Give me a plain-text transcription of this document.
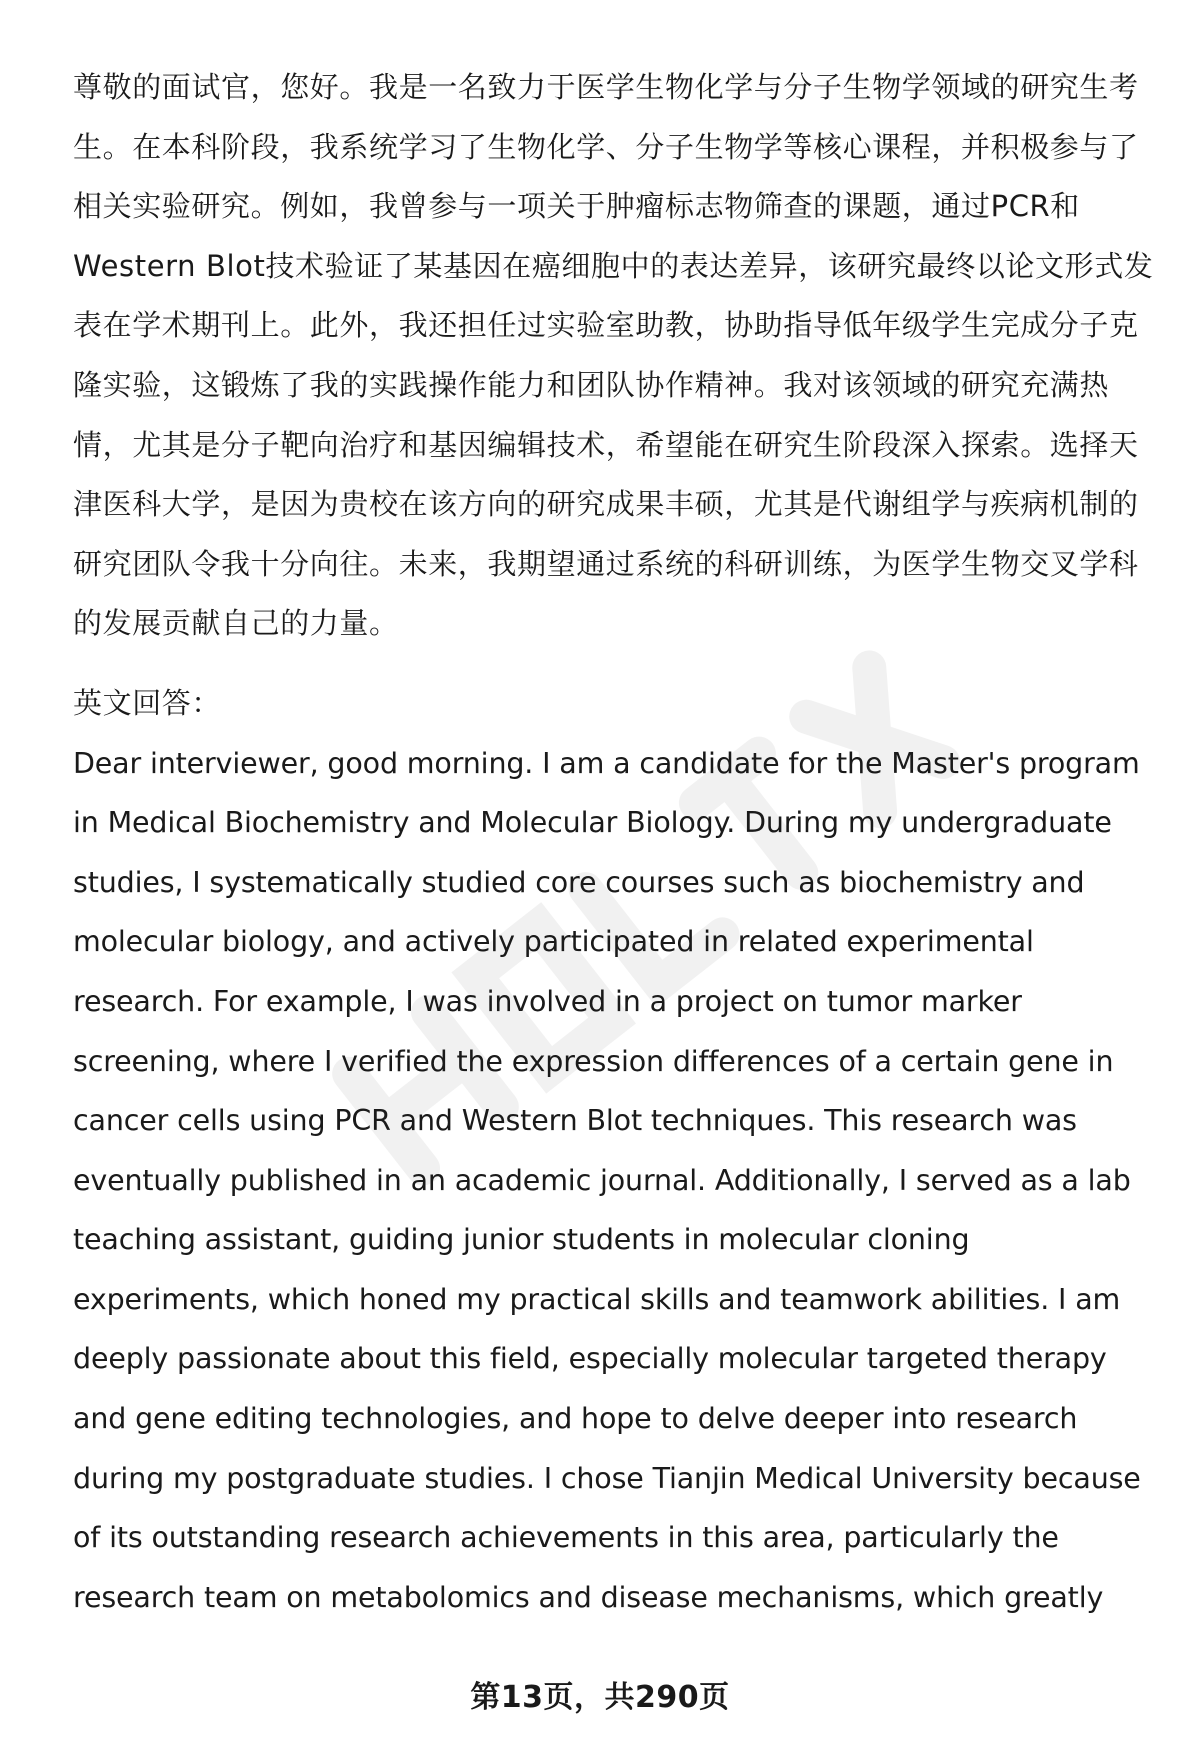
尊敬的面试官，您好。我是一名致力于医学生物化学与分子生物学领域的研究生考
生。在本科阶段，我系统学习了生物化学、分子生物学等核心课程，并积极参与了
相关实验研究。例如，我曾参与一项关于肿瘤标志物筛查的课题，通过PCR和
Western Blot技术验证了某基因在癌细胞中的表达差异，该研究最终以论文形式发
表在学术期刊上。此外，我还担任过实验室助教，协助指导低年级学生完成分子克
隆实验，这锻炼了我的实践操作能力和团队协作精神。我对该领域的研究充满热
情，尤其是分子靶向治疗和基因编辑技术，希望能在研究生阶段深入探索。选择天
津医科大学，是因为贵校在该方向的研究成果丰硕，尤其是代谢组学与疾病机制的
研究团队令我十分向往。未来，我期望通过系统的科研训练，为医学生物交叉学科
的发展贡献自己的力量。
英文回答：
Dear interviewer, good morning. I am a candidate for the Master's program
in Medical Biochemistry and Molecular Biology. During my undergraduate
studies, I systematically studied core courses such as biochemistry and
molecular biology, and actively participated in related experimental
research. For example, I was involved in a project on tumor marker
screening, where I verified the expression differences of a certain gene in
cancer cells using PCR and Western Blot techniques. This research was
eventually published in an academic journal. Additionally, I served as a lab
teaching assistant, guiding junior students in molecular cloning
experiments, which honed my practical skills and teamwork abilities. I am
deeply passionate about this field, especially molecular targeted therapy
and gene editing technologies, and hope to delve deeper into research
during my postgraduate studies. I chose Tianjin Medical University because
of its outstanding research achievements in this area, particularly the
research team on metabolomics and disease mechanisms, which greatly
第13页，共290页
